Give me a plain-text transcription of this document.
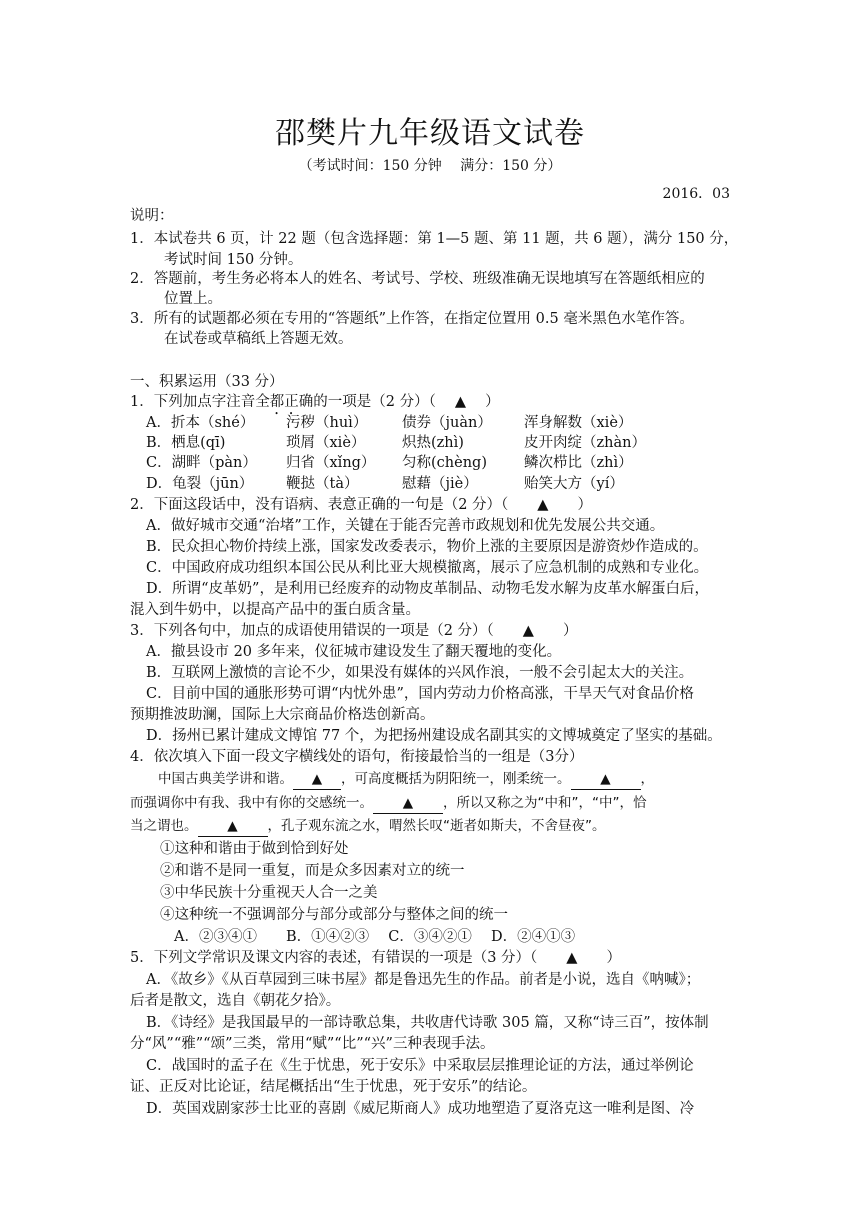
邵樊片九年级语文试卷
（考试时间：150 分钟　 满分：150 分）
2016．03
说明：
1．本试卷共 6 页，计 22 题（包含选择题：第 1—5 题、第 11 题，共 6 题），满分 150 分，
考试时间 150 分钟。
2．答题前，考生务必将本人的姓名、考试号、学校、班级准确无误地填写在答题纸相应的
位置上。
3．所有的试题都必须在专用的“答题纸”上作答，在指定位置用 0.5 毫米黑色水笔作答。
在试卷或草稿纸上答题无效。
一、积累运用（33 分）
1．下列加点字注音全都正确的一项是（2 分）（　 ▲　 ）
A．折本（shé） 污秽（huì） 债券（juàn） 浑身解数（xiè）
B．栖息(qī)	琐屑（xiè）	炽热(zhì)	皮开肉绽（zhàn）
C．湖畔（pàn） 归省（xǐng） 匀称(chèng)	鳞次栉比（zhì）
D．龟裂（jūn） 鞭挞（tà）	慰藉（jiè）	贻笑大方（yí）
2．下面这段话中，没有语病、表意正确的一句是（2 分）（　　▲　　）
A．做好城市交通“治堵”工作，关键在于能否完善市政规划和优先发展公共交通。
B．民众担心物价持续上涨，国家发改委表示，物价上涨的主要原因是游资炒作造成的。
C．中国政府成功组织本国公民从利比亚大规模撤离，展示了应急机制的成熟和专业化。
D．所谓“皮革奶”，是利用已经废弃的动物皮革制品、动物毛发水解为皮革水解蛋白后，
混入到牛奶中，以提高产品中的蛋白质含量。
3．下列各句中，加点的成语使用错误的一项是（2 分）（　　▲　　）
A．撤县设市 20 多年来，仪征城市建设发生了翻天覆地的变化。
B．互联网上激愤的言论不少，如果没有媒体的兴风作浪，一般不会引起太大的关注。
C．目前中国的通胀形势可谓“内忧外患”，国内劳动力价格高涨，干旱天气对食品价格
预期推波助澜，国际上大宗商品价格迭创新高。
D．扬州已累计建成文博馆 77 个，为把扬州建设成名副其实的文博城奠定了坚实的基础。
4．依次填入下面一段文字横线处的语句，衔接最恰当的一组是（3分）
中国古典美学讲和谐。 ▲ ，可高度概括为阴阳统一，刚柔统一。 ▲ ，
而强调你中有我、我中有你的交感统一。 ▲ ，所以又称之为“中和”，“中”，恰
当之谓也。 ▲ ，孔子观东流之水，喟然长叹“逝者如斯夫，不舍昼夜”。
①这种和谐由于做到恰到好处
②和谐不是同一重复，而是众多因素对立的统一
③中华民族十分重视天人合一之美
④这种统一不强调部分与部分或部分与整体之间的统一
A．②③④①　　B．①④②③　 C．③④②①　 D．②④①③
5．下列文学常识及课文内容的表述，有错误的一项是（3 分）（　　▲　　）
A．《故乡》《从百草园到三味书屋》都是鲁迅先生的作品。前者是小说，选自《呐喊》；
后者是散文，选自《朝花夕拾》。
B．《诗经》是我国最早的一部诗歌总集，共收唐代诗歌 305 篇，又称“诗三百”，按体制
分“风”“雅”“颂”三类，常用“赋”“比”“兴”三种表现手法。
C．战国时的孟子在《生于忧患，死于安乐》中采取层层推理论证的方法，通过举例论
证、正反对比论证，结尾概括出“生于忧患，死于安乐”的结论。
D．英国戏剧家莎士比亚的喜剧《威尼斯商人》成功地塑造了夏洛克这一唯利是图、冷
